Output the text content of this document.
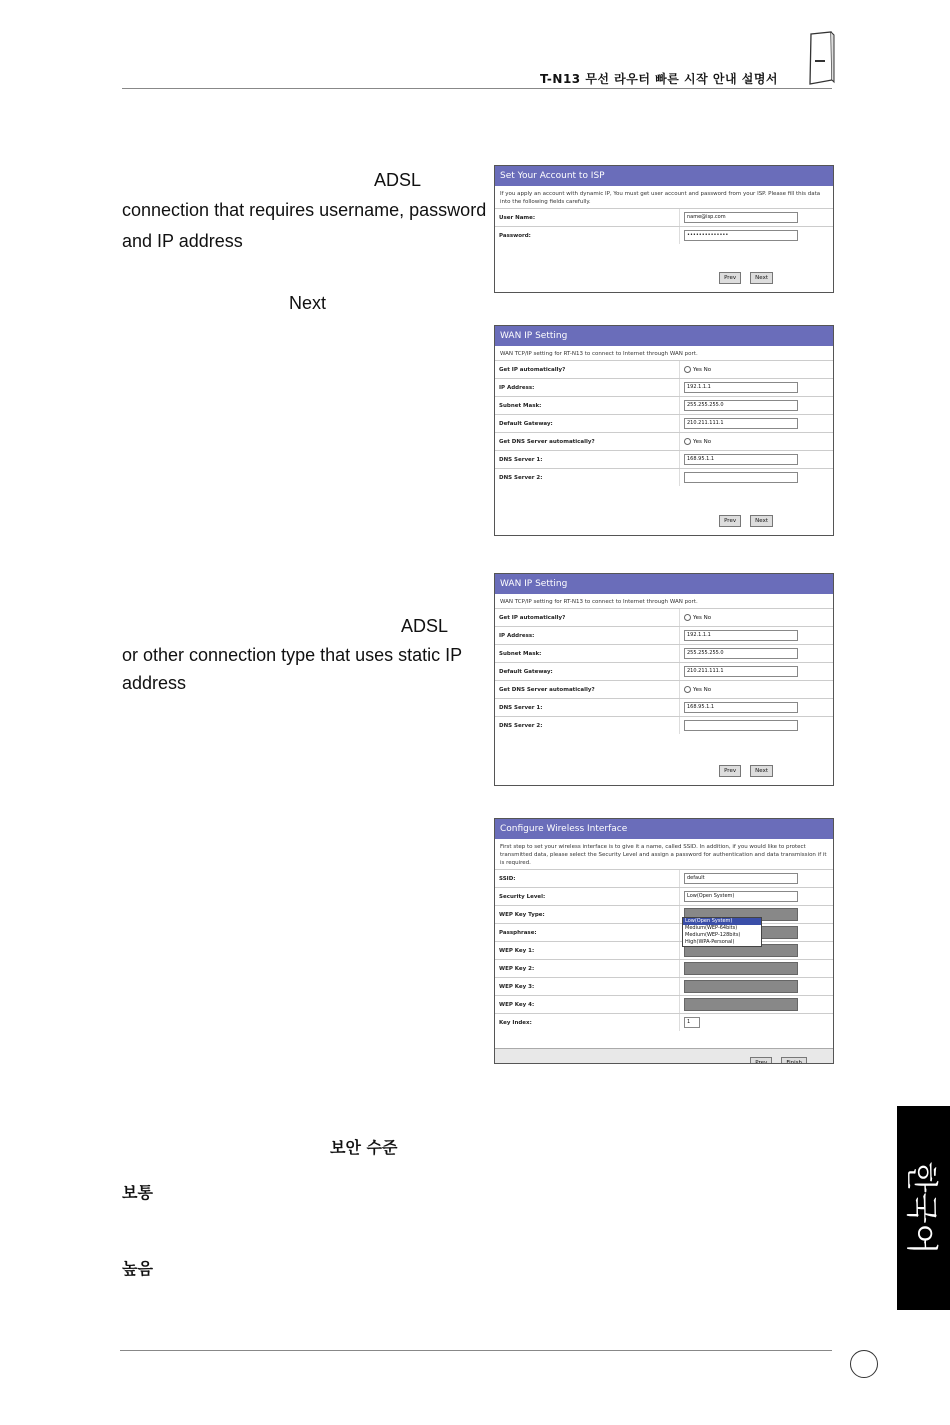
T-N13 무선 라우터 빠른 시작 안내 설명서
ADSL
connection that requires username, password
and IP address
Next
ADSL
or other connection type that uses static IP
address
보안 수준
보통
높음
Set Your Account to ISP
If you apply an account with dynamic IP, You must get user account and password from your ISP. Please fill this data into the following fields carefully.
User Name:	name@isp.com
Password:	••••••••••••••
Prev	Next
WAN IP Setting
WAN TCP/IP setting for RT-N13 to connect to Internet through WAN port.
Get IP automatically?	Yes No
IP Address:	192.1.1.1
Subnet Mask:	255.255.255.0
Default Gateway:	210.211.111.1
Get DNS Server automatically?	Yes No
DNS Server 1:	168.95.1.1
DNS Server 2:
Prev	Next
WAN IP Setting
WAN TCP/IP setting for RT-N13 to connect to Internet through WAN port.
Get IP automatically?	Yes No
IP Address:	192.1.1.1
Subnet Mask:	255.255.255.0
Default Gateway:	210.211.111.1
Get DNS Server automatically?	Yes No
DNS Server 1:	168.95.1.1
DNS Server 2:
Prev	Next
Configure Wireless Interface
First step to set your wireless interface is to give it a name, called SSID. In addition, if you would like to protect transmitted data, please select the Security Level and assign a password for authentication and data transmission if it is required.
SSID:	default
Security Level:	Low(Open System)
WEP Key Type:
Passphrase:
WEP Key 1:
WEP Key 2:
WEP Key 3:
WEP Key 4:
Key Index:	1
Low(Open System)
Medium(WEP-64bits)
Medium(WEP-128bits)
High(WPA-Personal)
Prev	Finish
한국어
